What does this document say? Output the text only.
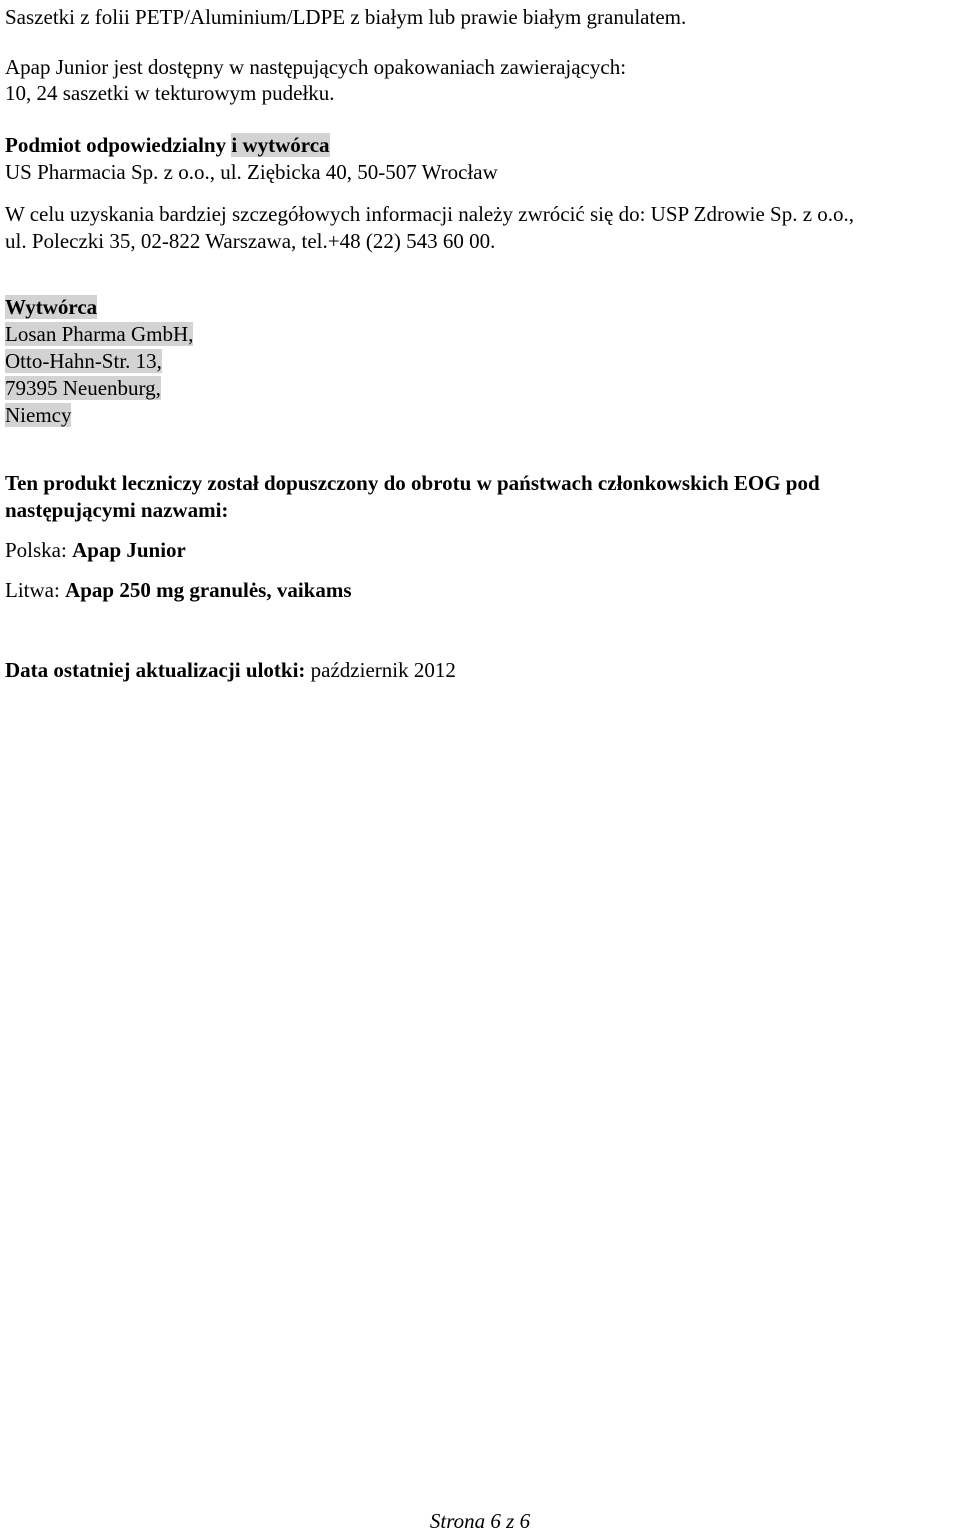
Saszetki z folii PETP/Aluminium/LDPE z białym lub prawie białym granulatem.
Apap Junior jest dostępny w następujących opakowaniach zawierających:
10, 24 saszetki w tekturowym pudełku.
Podmiot odpowiedzialny i wytwórca
US Pharmacia Sp. z o.o., ul. Ziębicka 40, 50-507 Wrocław
W celu uzyskania bardziej szczegółowych informacji należy zwrócić się do: USP Zdrowie Sp. z o.o.,
ul. Poleczki 35, 02-822 Warszawa, tel.+48 (22) 543 60 00.
Wytwórca
Losan Pharma GmbH,
Otto-Hahn-Str. 13,
79395 Neuenburg,
Niemcy
Ten produkt leczniczy został dopuszczony do obrotu w państwach członkowskich EOG pod
następującymi nazwami:
Polska: Apap Junior
Litwa: Apap 250 mg granulės, vaikams
Data ostatniej aktualizacji ulotki: październik 2012
Strona 6 z 6
